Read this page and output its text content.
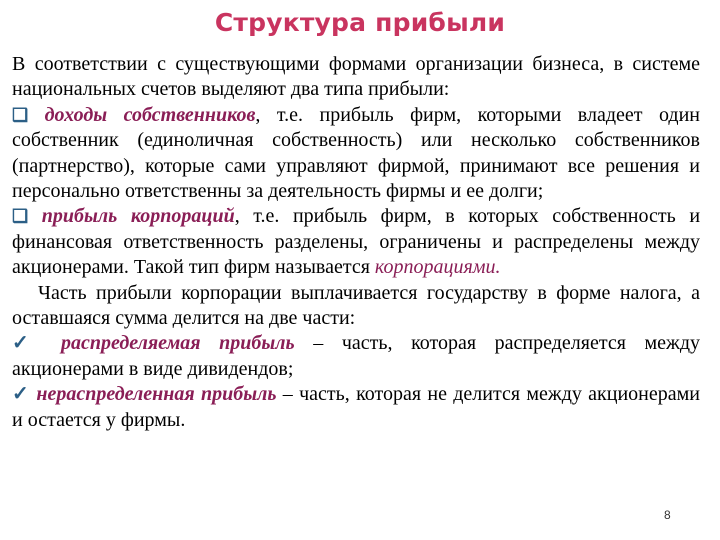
Структура прибыли

В соответствии с существующими формами организации бизнеса, в системе национальных счетов выделяют два типа прибыли:

❑ доходы собственников, т.е. прибыль фирм, которыми владеет один собственник (единоличная собственность) или несколько собственников (партнерство), которые сами управляют фирмой, принимают все решения и персонально ответственны за деятельность фирмы и ее долги;

❑ прибыль корпораций, т.е. прибыль фирм, в которых собственность и финансовая ответственность разделены, ограничены и распределены между акционерами. Такой тип фирм называется корпорациями.

Часть прибыли корпорации выплачивается государству в форме налога, а оставшаяся сумма делится на две части:

✓ распределяемая прибыль – часть, которая распределяется между акционерами в виде дивидендов;

✓ нераспределенная прибыль – часть, которая не делится между акционерами и остается у фирмы.

8
